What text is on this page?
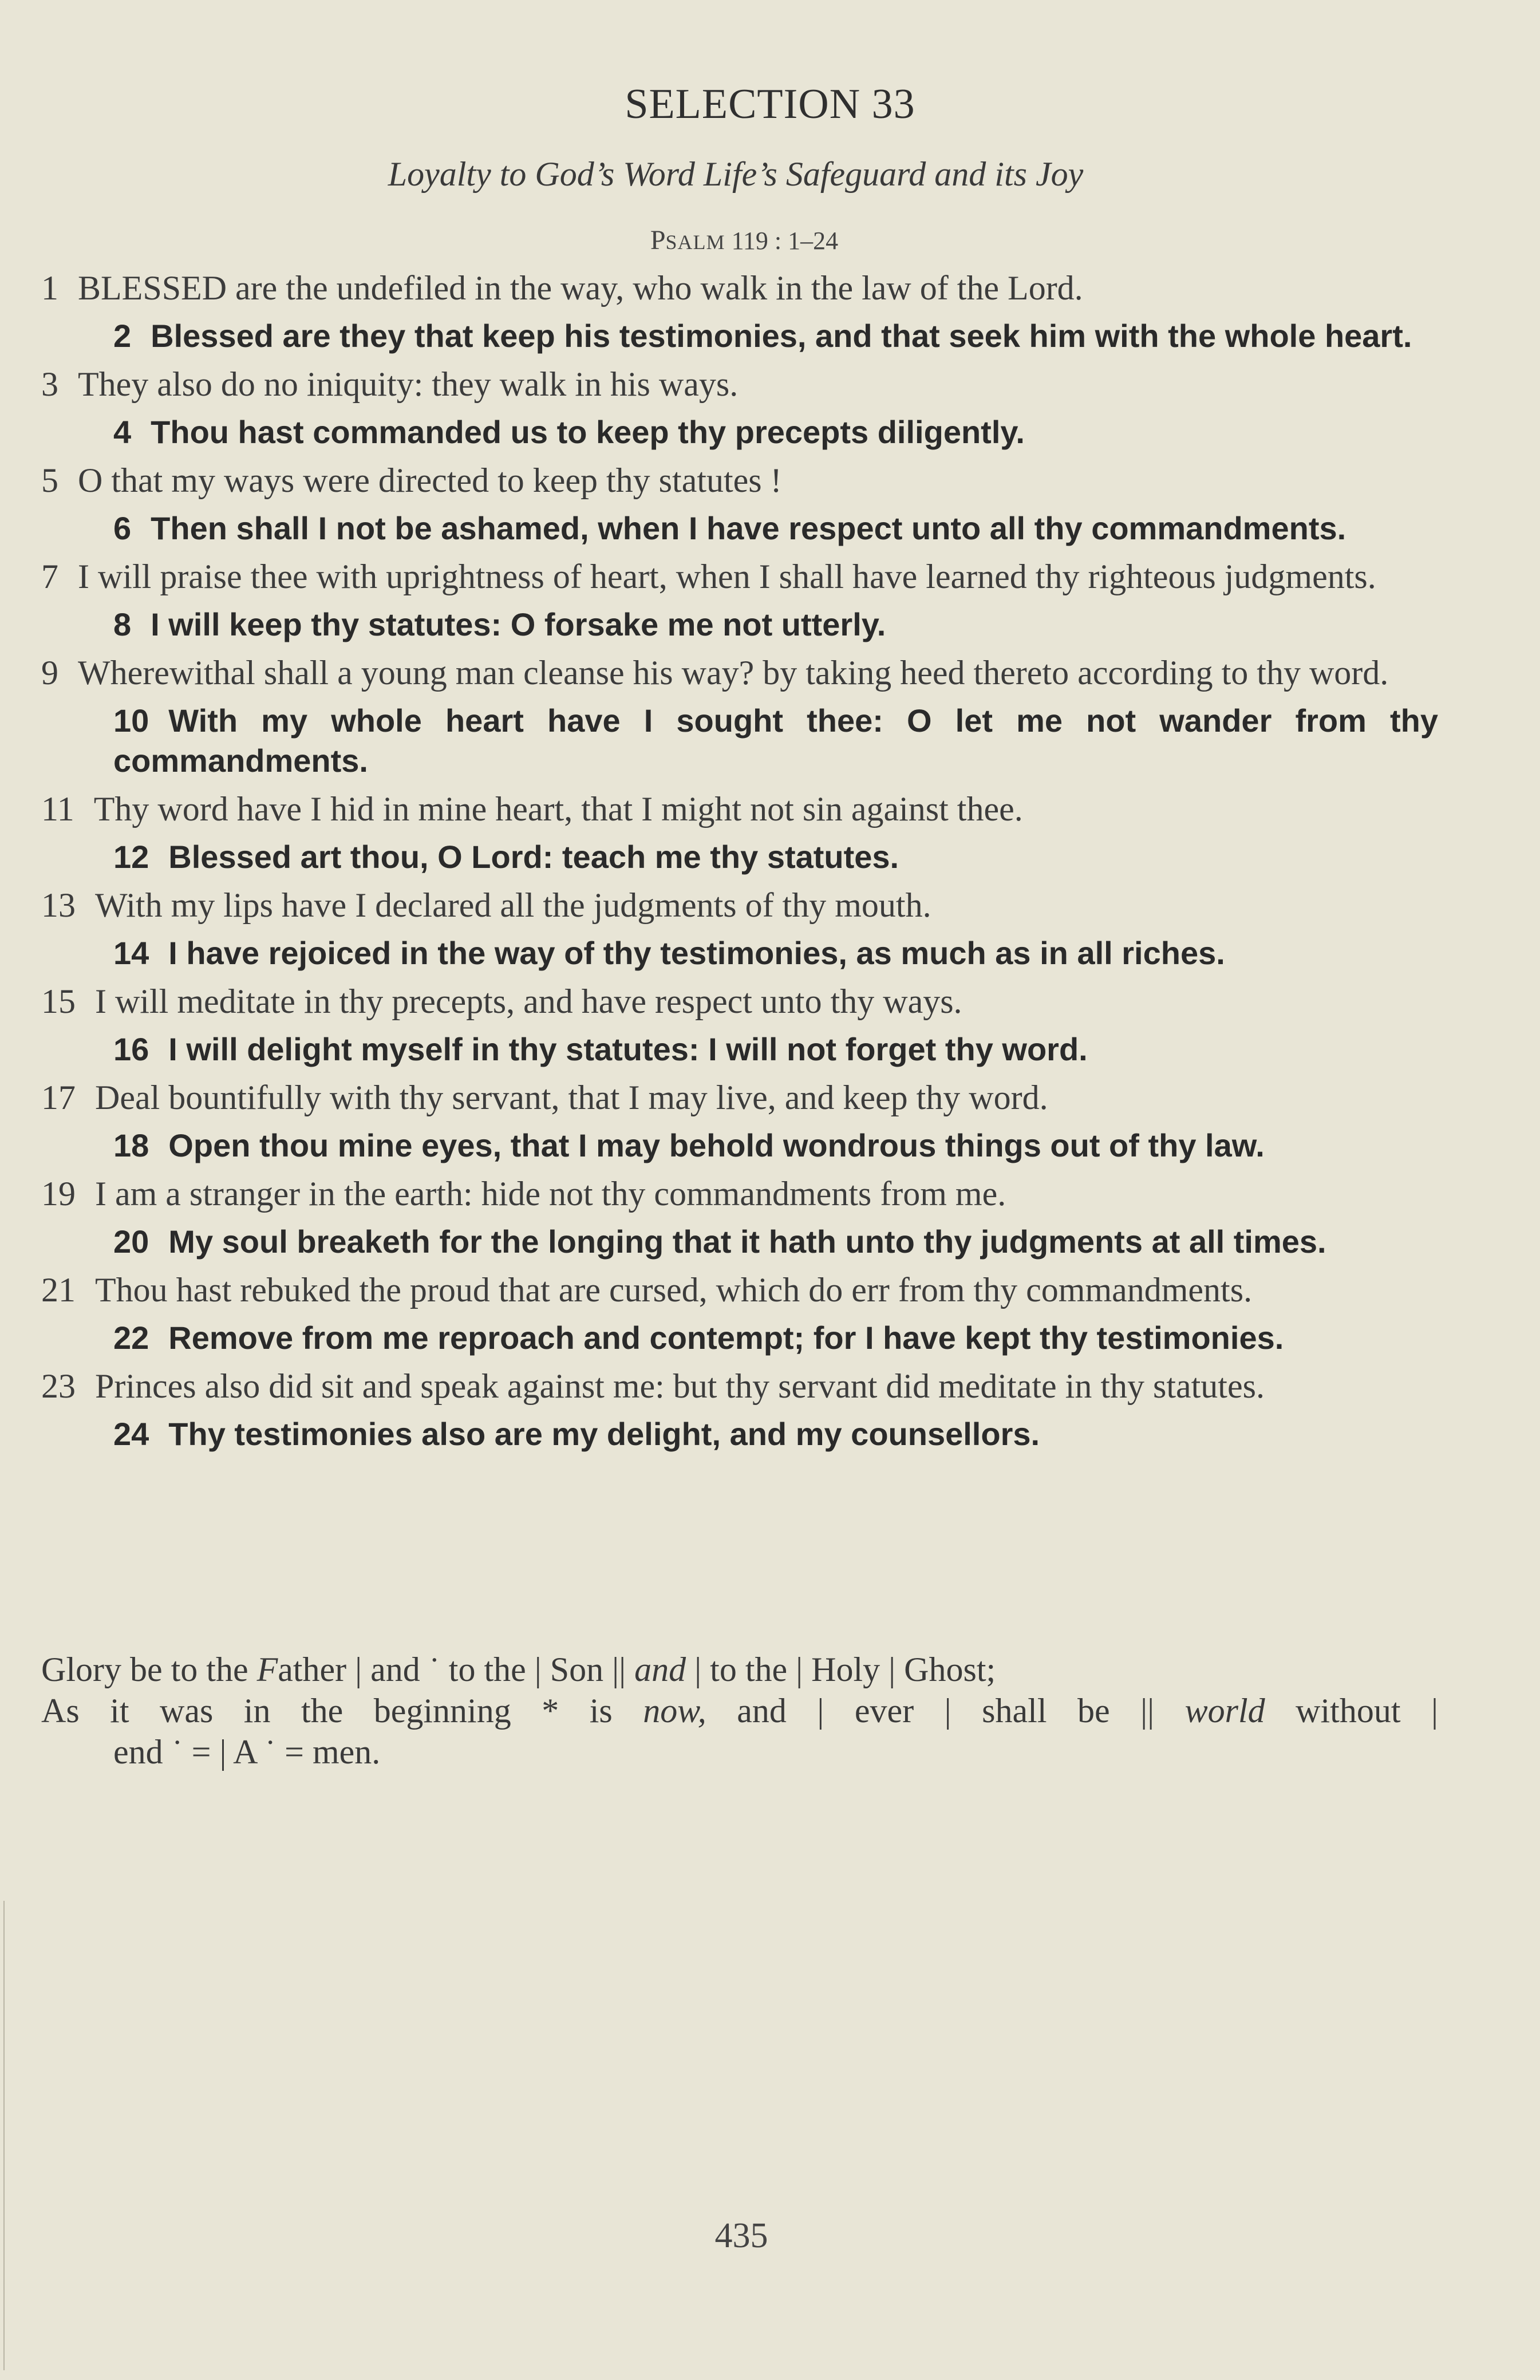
SELECTION 33
Loyalty to God’s Word Life’s Safeguard and its Joy
PSALM 119 : 1–24
1 BLESSED are the undefiled in the way, who walk in the law of the Lord.
2 Blessed are they that keep his testimonies, and that seek him with the whole heart.
3 They also do no iniquity: they walk in his ways.
4 Thou hast commanded us to keep thy precepts diligently.
5 O that my ways were directed to keep thy statutes !
6 Then shall I not be ashamed, when I have respect unto all thy commandments.
7 I will praise thee with uprightness of heart, when I shall have learned thy righteous judgments.
8 I will keep thy statutes: O forsake me not utterly.
9 Wherewithal shall a young man cleanse his way? by taking heed thereto according to thy word.
10 With my whole heart have I sought thee: O let me not wander from thy commandments.
11 Thy word have I hid in mine heart, that I might not sin against thee.
12 Blessed art thou, O Lord: teach me thy statutes.
13 With my lips have I declared all the judgments of thy mouth.
14 I have rejoiced in the way of thy testimonies, as much as in all riches.
15 I will meditate in thy precepts, and have respect unto thy ways.
16 I will delight myself in thy statutes: I will not forget thy word.
17 Deal bountifully with thy servant, that I may live, and keep thy word.
18 Open thou mine eyes, that I may behold wondrous things out of thy law.
19 I am a stranger in the earth: hide not thy commandments from me.
20 My soul breaketh for the longing that it hath unto thy judgments at all times.
21 Thou hast rebuked the proud that are cursed, which do err from thy commandments.
22 Remove from me reproach and contempt; for I have kept thy testimonies.
23 Princes also did sit and speak against me: but thy servant did meditate in thy statutes.
24 Thy testimonies also are my delight, and my counsellors.
Glory be to the Father | and ˙ to the | Son || and | to the | Holy | Ghost;
As it was in the beginning * is now, and | ever | shall be || world without |
end ˙ = | A ˙ = men.
435
